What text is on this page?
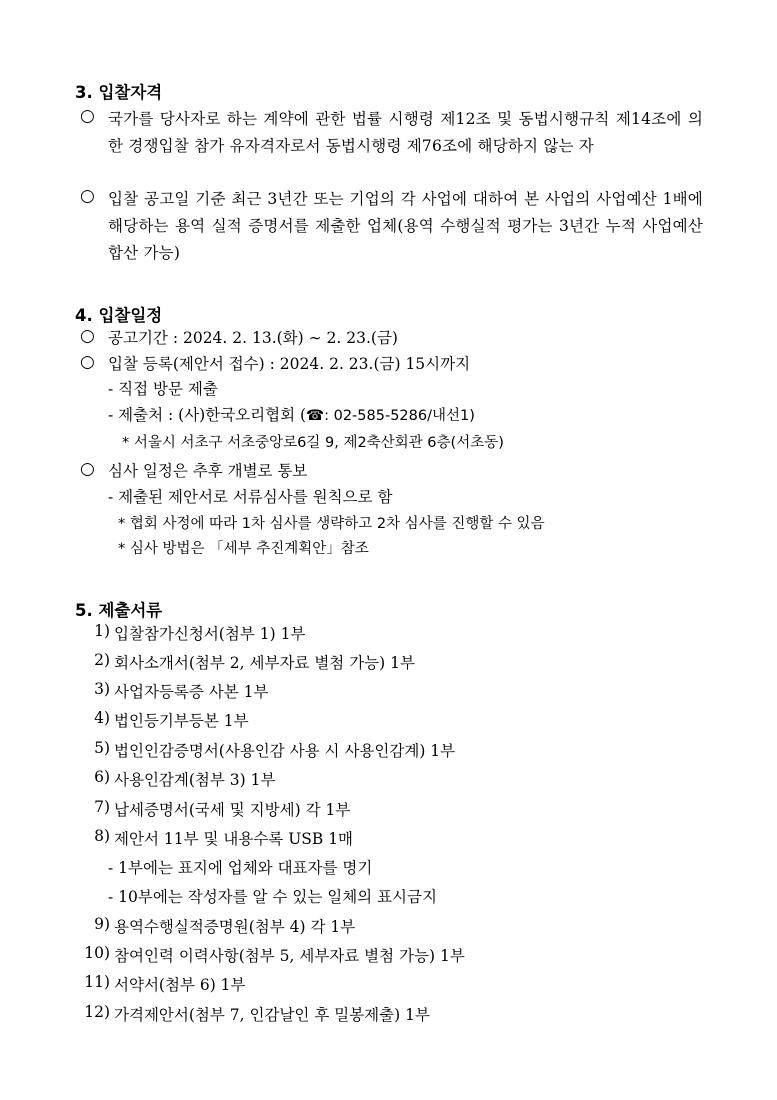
3. 입찰자격
○ 국가를 당사자로 하는 계약에 관한 법률 시행령 제12조 및 동법시행규칙 제14조에 의한 경쟁입찰 참가 유자격자로서 동법시행령 제76조에 해당하지 않는 자
○ 입찰 공고일 기준 최근 3년간 또는 기업의 각 사업에 대하여 본 사업의 사업예산 1배에 해당하는 용역 실적 증명서를 제출한 업체(용역 수행실적 평가는 3년간 누적 사업예산 합산 가능)
4. 입찰일정
○ 공고기간 : 2024. 2. 13.(화) ∼ 2. 23.(금)
○ 입찰 등록(제안서 접수) : 2024. 2. 23.(금) 15시까지
- 직접 방문 제출
- 제출처 : (사)한국오리협회 (☎: 02-585-5286/내선1)
* 서울시 서초구 서초중앙로6길 9, 제2축산회관 6층(서초동)
○ 심사 일정은 추후 개별로 통보
- 제출된 제안서로 서류심사를 원칙으로 함
* 협회 사정에 따라 1차 심사를 생략하고 2차 심사를 진행할 수 있음
* 심사 방법은 「세부 추진계획안」참조
5. 제출서류
1) 입찰참가신청서(첨부 1) 1부
2) 회사소개서(첨부 2, 세부자료 별첨 가능) 1부
3) 사업자등록증 사본 1부
4) 법인등기부등본 1부
5) 법인인감증명서(사용인감 사용 시 사용인감계) 1부
6) 사용인감계(첨부 3) 1부
7) 납세증명서(국세 및 지방세) 각 1부
8) 제안서 11부 및 내용수록 USB 1매
- 1부에는 표지에 업체와 대표자를 명기
- 10부에는 작성자를 알 수 있는 일체의 표시금지
9) 용역수행실적증명원(첨부 4) 각 1부
10) 참여인력 이력사항(첨부 5, 세부자료 별첨 가능) 1부
11) 서약서(첨부 6) 1부
12) 가격제안서(첨부 7, 인감날인 후 밀봉제출) 1부
